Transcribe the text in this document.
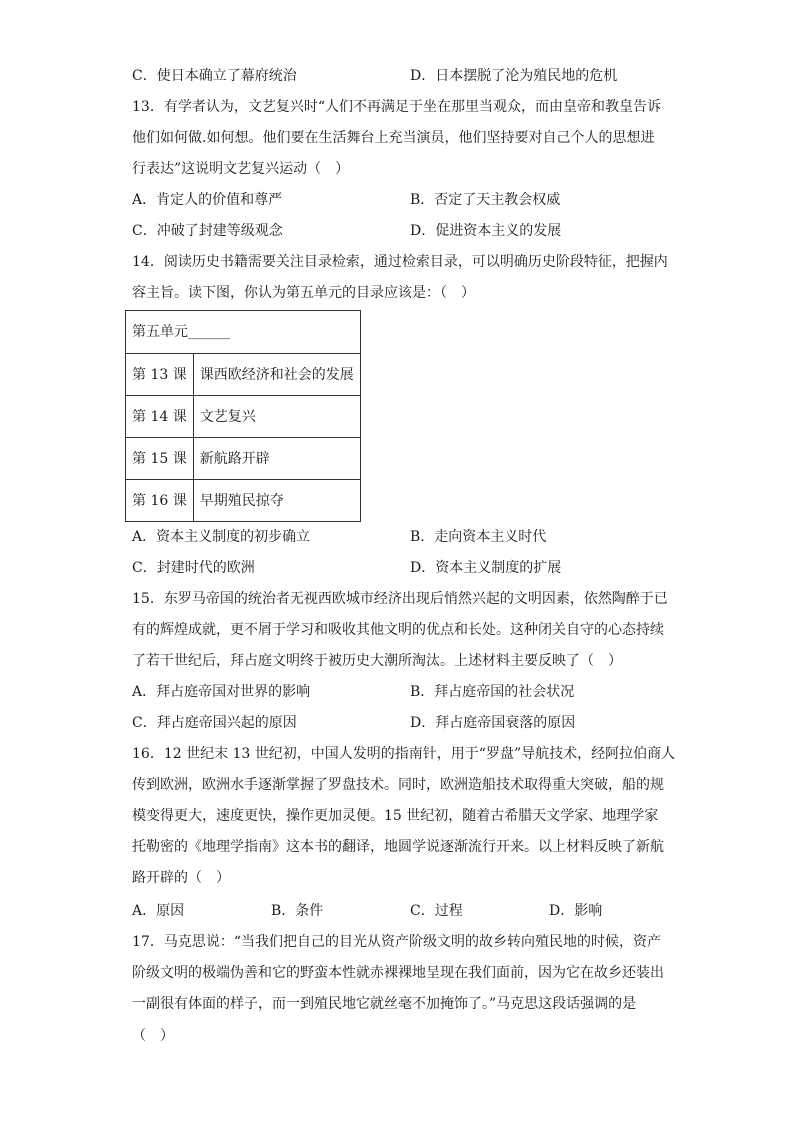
C．使日本确立了幕府统治	D．日本摆脱了沦为殖民地的危机
13．有学者认为，文艺复兴时“人们不再满足于坐在那里当观众，而由皇帝和教皇告诉
他们如何做.如何想。他们要在生活舞台上充当演员，他们坚持要对自己个人的思想进
行表达”这说明文艺复兴运动（　）
A．肯定人的价值和尊严	B．否定了天主教会权威
C．冲破了封建等级观念	D．促进资本主义的发展
14．阅读历史书籍需要关注目录检索，通过检索目录，可以明确历史阶段特征，把握内
容主旨。读下图，你认为第五单元的目录应该是：（　）
第五单元______	
第 13 课	课西欧经济和社会的发展
第 14 课	文艺复兴
第 15 课	新航路开辟
第 16 课	早期殖民掠夺
A．资本主义制度的初步确立	B．走向资本主义时代
C．封建时代的欧洲	D．资本主义制度的扩展
15．东罗马帝国的统治者无视西欧城市经济出现后悄然兴起的文明因素，依然陶醉于已
有的辉煌成就，更不屑于学习和吸收其他文明的优点和长处。这种闭关自守的心态持续
了若干世纪后，拜占庭文明终于被历史大潮所淘汰。上述材料主要反映了（　）
A．拜占庭帝国对世界的影响	B．拜占庭帝国的社会状况
C．拜占庭帝国兴起的原因	D．拜占庭帝国衰落的原因
16．12 世纪末 13 世纪初，中国人发明的指南针，用于“罗盘”导航技术，经阿拉伯商人
传到欧洲，欧洲水手逐渐掌握了罗盘技术。同时，欧洲造船技术取得重大突破，船的规
模变得更大，速度更快，操作更加灵便。15 世纪初，随着古希腊天文学家、地理学家
托勒密的《地理学指南》这本书的翻译，地圆学说逐渐流行开来。以上材料反映了新航
路开辟的（　）
A．原因	B．条件	C．过程	D．影响
17．马克思说：“当我们把自己的目光从资产阶级文明的故乡转向殖民地的时候，资产
阶级文明的极端伪善和它的野蛮本性就赤裸裸地呈现在我们面前，因为它在故乡还装出
一副很有体面的样子，而一到殖民地它就丝毫不加掩饰了。”马克思这段话强调的是
（　）
